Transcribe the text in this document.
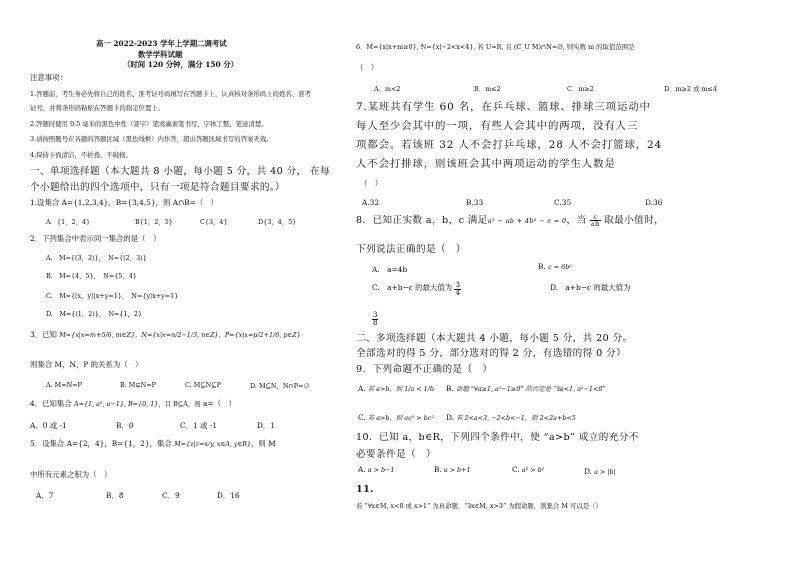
高一 2022-2023 学年上学期二调考试
数学学科试题
（时间 120 分钟，满分 150 分）
注意事项：
1.答题前，考生务必先将自己的姓名、准考证号码填写在答题卡上，认真核对条形码上的姓名、准考
证号，并将条形码粘贴在答题卡的指定位置上。
2.答题时使用 0.5 毫米的黑色中性（签字）笔或碳素笔书写，字体工整、笔迹清楚。
3.请按照题号在各题的答题区域（黑色线框）内作答，超出答题区域书写的答案无效。
4.保持卡面清洁，不折叠，不破损。
一、单项选择题（本大题共 8 小题，每小题 5 分，共 40 分， 在每
个小题给出的四个选项中，只有一项是符合题目要求的。）
1.设集合 A={1,2,3,4}，B={3,4,5}，则 A∩B=（　）
A．{1，2，4}	B{1，2，5}	C{3，4}	D{3，4，5}
2．下列集合中表示同一集合的是（　）
A.　M={(3，2)}，　N={(2，3)}
B.　M={4，5}，　N={5，4}
C.　M={(x，y)|x+y=1}，　N={y|x+y=1}
D.　M={(1，2)}，　N={1，2}
3．已知 M={x|x=m+5/6, m∈Z}，N={x|x=n/2−1/3, n∈Z}，P={x|x=p/2+1/6, p∈Z}
则集合 M，N，P 的关系为（　）
A. M=N=P	B. M⊊N=P	C. M⊆N⊆P	D. M⊆N，N∩P=∅
4．已知集合 A={1, a², a−1}, B={0, 1}，且 B⊆A，则 a=（　）
A．0 或 -1	B．0	C．1 或 -1	D．1
5．设集合 A={2，4}，B={1，2}，集合 M={z|z=x/y, x∈A, y∈B}，则 M
中所有元素之积为（　）
A．7	B．8	C．9	D．16
6．M={x|x+m≥0}, N={x|−2<x<4}, 若 U=R, 且 (C_U M)∩N=∅, 则实数 m 的取值范围是
（　）
A．m<2	B．m≤2	C．m≥2	D．m≥2 或 m≤4
7.某班共有学生 60 名，在乒乓球、篮球、排球三项运动中
每人至少会其中的一项，有些人会其中的两项，没有人三
项都会。若该班 32 人不会打乒乓球，28 人不会打篮球，24
人不会打排球，则该班会其中两项运动的学生人数是
（　）
A.32	B.33	C.35	D.36
8．已知正实数 a，b，c 满足a² − ab + 4b² − c = 0，当 $\frac{c}{ab}$ 取最小值时，
下列说法正确的是（　）
A.　a=4b	B. c = 6b²
C.　a+b−c 的最大值为 $\frac{3}{4}$	D.　a+b−c 的最大值为
$\frac{3}{8}$
二、多项选择题（本大题共 4 小题，每小题 5 分，共 20 分。
全部选对的得 5 分，部分选对的得 2 分，有选错的得 0 分）
9．下列命题不正确的是（　）
A. 若 a>b，则 1/a < 1/b B. 命题 “∀a≥1, a²−1≥0” 的否定是 “∃a<1, a²−1<0”
C. 若 a>b，则 ac² > bc² D. 若 2<a<3, −2<b<−1，则 2<2a+b<5
10．已知 a，b∈R，下列四个条件中，使 “a>b” 成立的充分不
必要条件是（　）
A. a > b−1	B. a > b+1	C. a² > b²	D. a > |b|
11.
若 “∀x∈M, x<0 或 x>1” 为真命题，“∃x∈M, x>3” 为假命题，则集合 M 可以是（）
